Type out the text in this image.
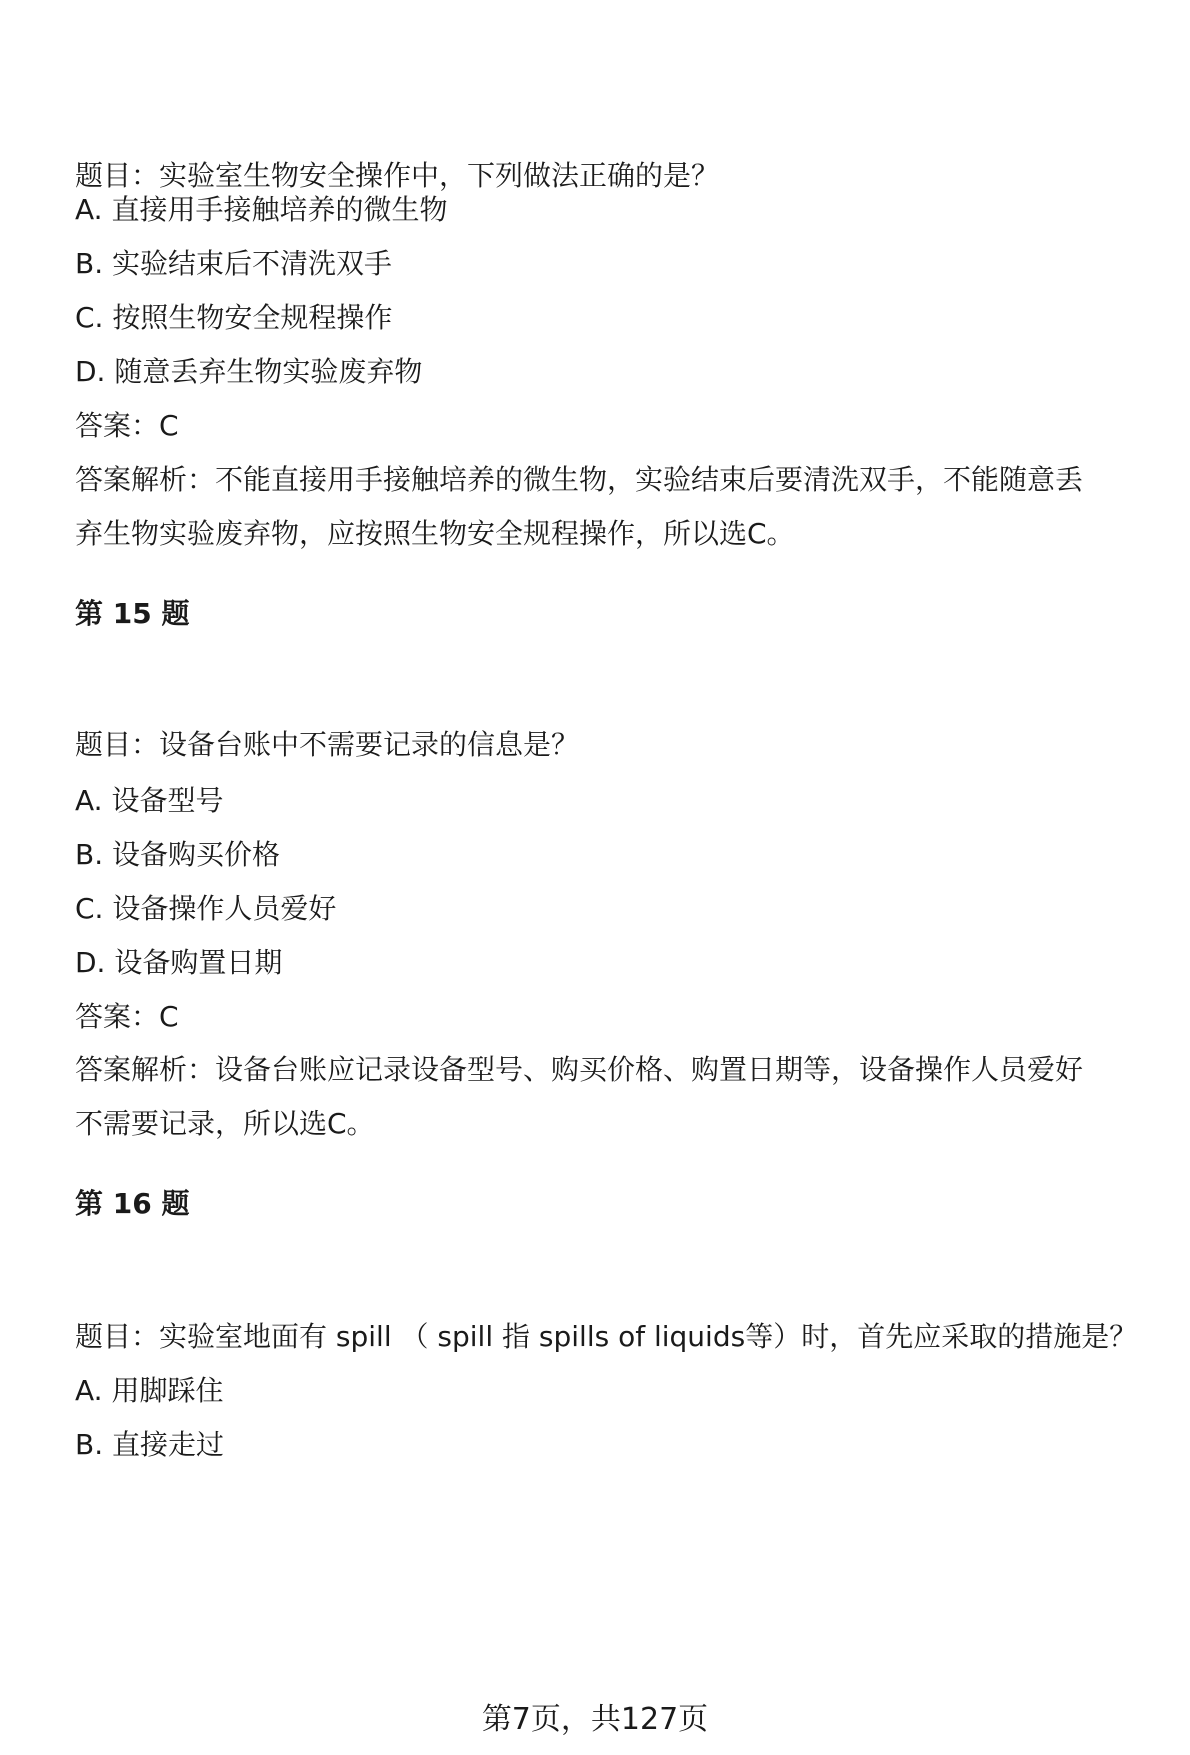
题目：实验室生物安全操作中，下列做法正确的是？
A. 直接用手接触培养的微生物
B. 实验结束后不清洗双手
C. 按照生物安全规程操作
D. 随意丢弃生物实验废弃物
答案：C
答案解析：不能直接用手接触培养的微生物，实验结束后要清洗双手，不能随意丢
弃生物实验废弃物，应按照生物安全规程操作，所以选C。
第 15 题
题目：设备台账中不需要记录的信息是？
A. 设备型号
B. 设备购买价格
C. 设备操作人员爱好
D. 设备购置日期
答案：C
答案解析：设备台账应记录设备型号、购买价格、购置日期等，设备操作人员爱好
不需要记录，所以选C。
第 16 题
题目：实验室地面有 spill （ spill 指 spills of liquids等）时，首先应采取的措施是？
A. 用脚踩住
B. 直接走过
第7页，共127页
